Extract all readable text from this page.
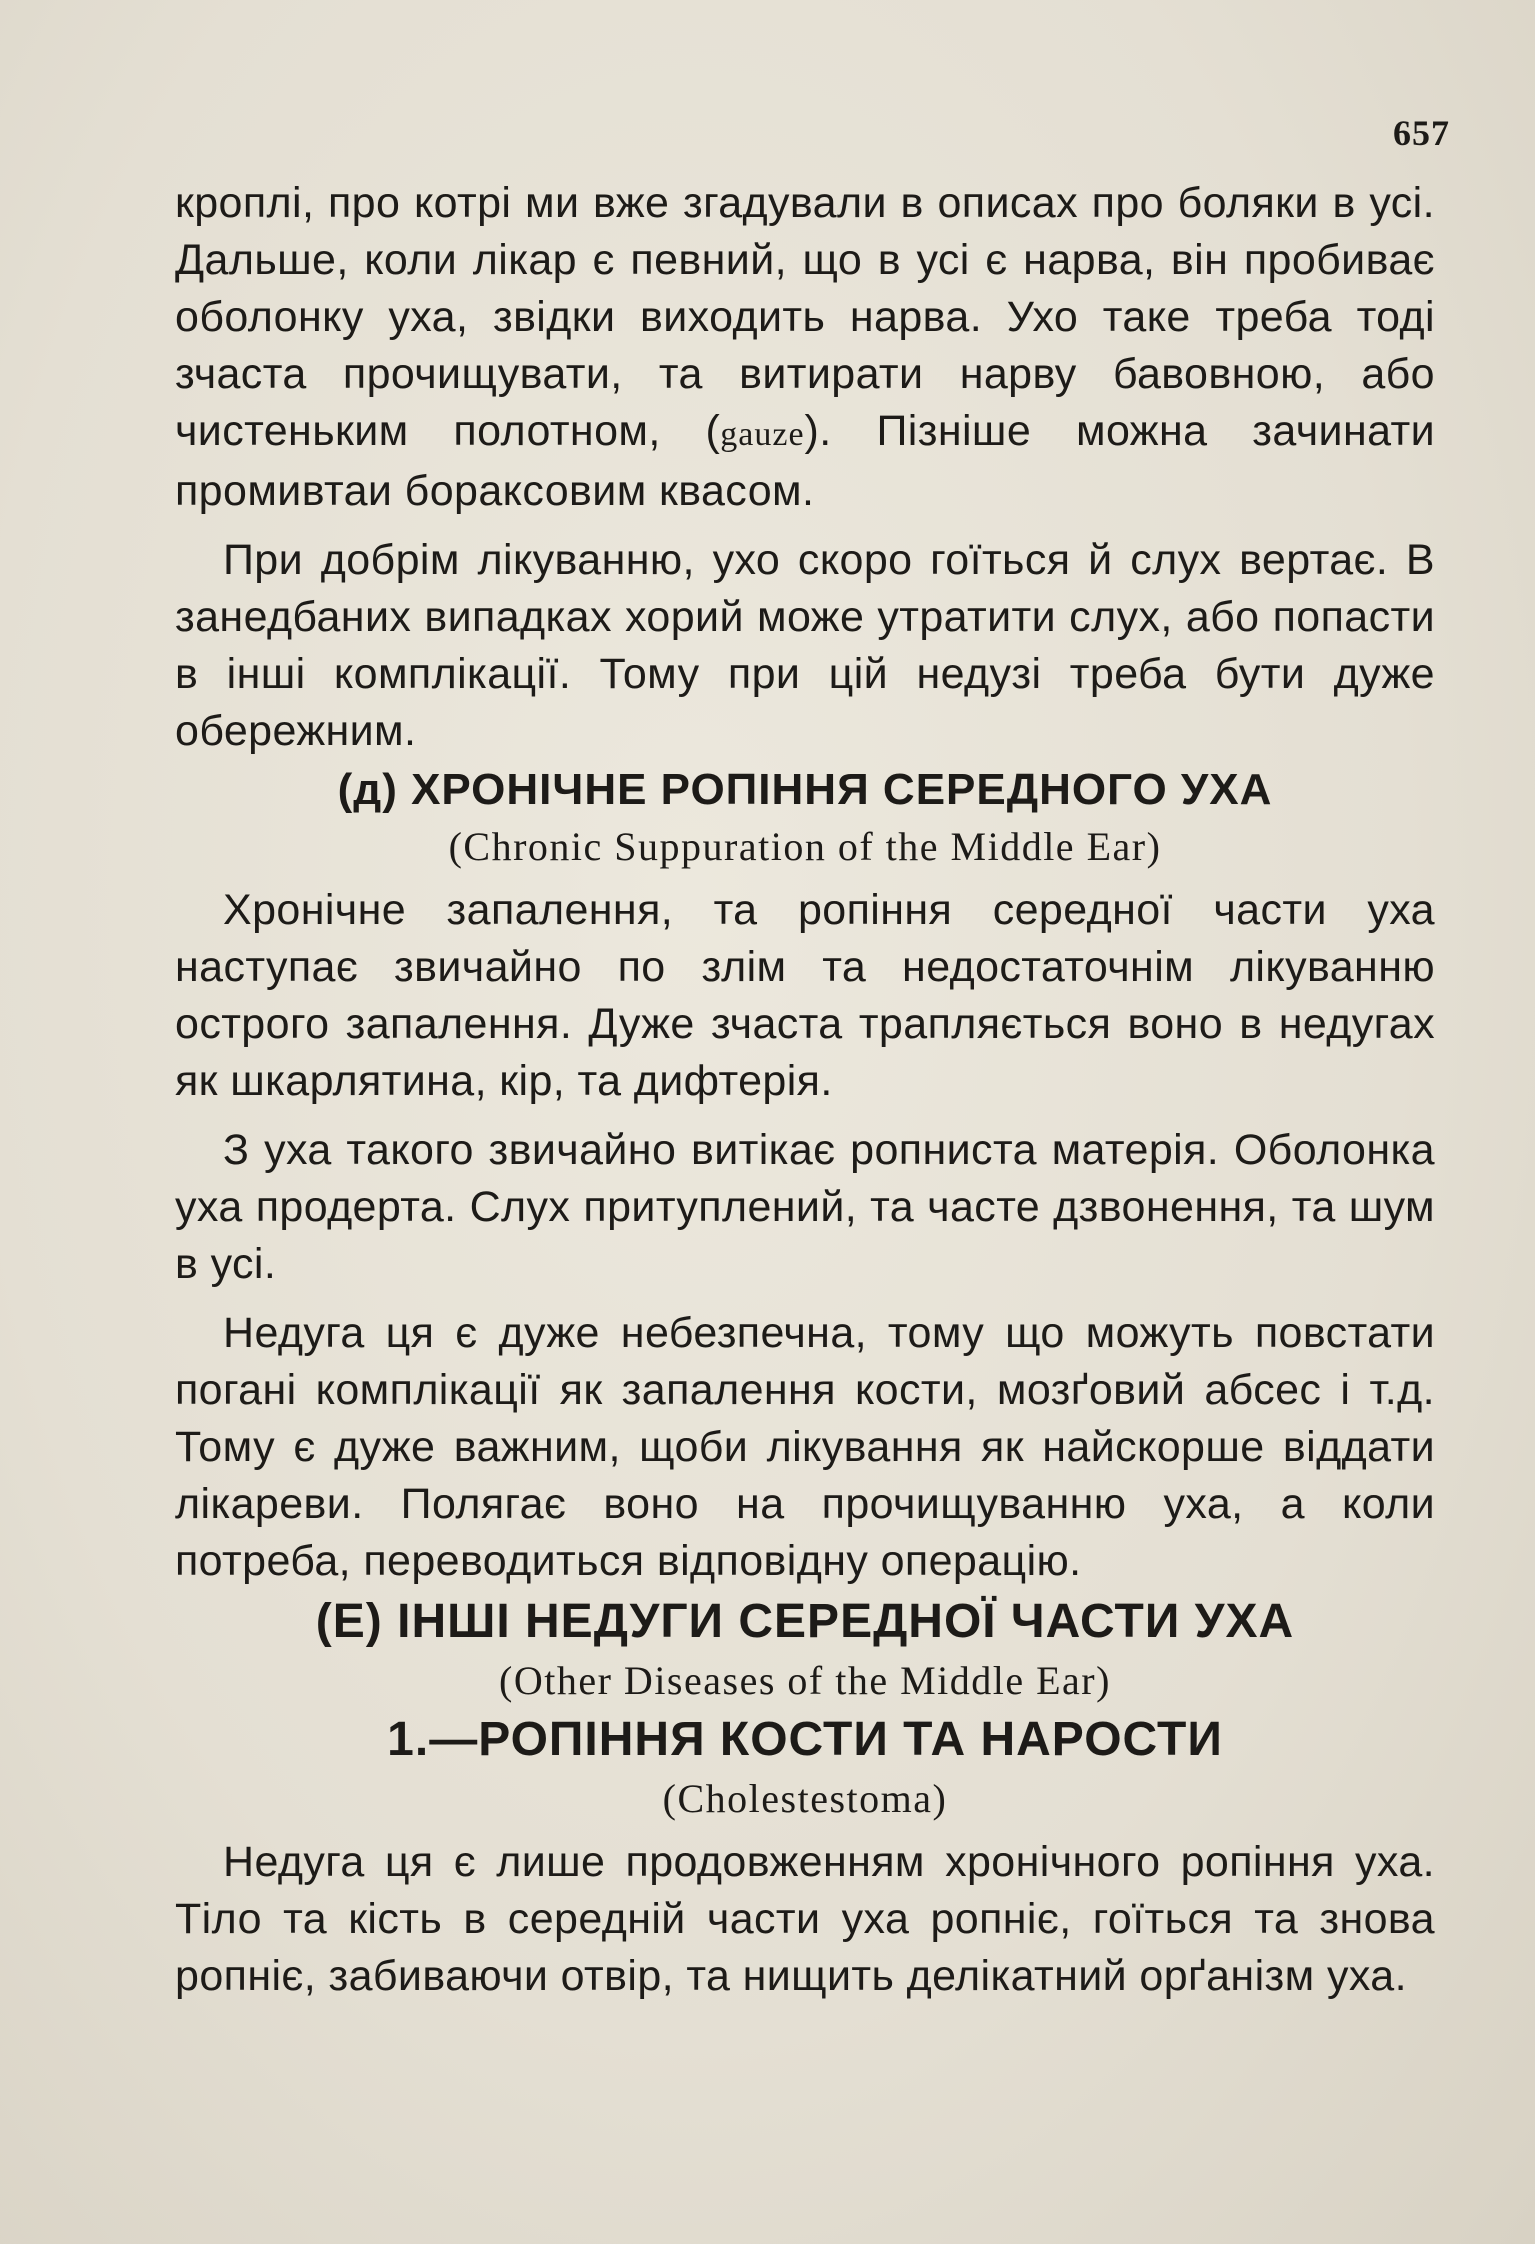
657

кроплі, про котрі ми вже згадували в описах про боляки в усі. Дальше, коли лікар є певний, що в усі є нарва, він пробиває оболонку уха, звідки виходить нарва. Ухо таке треба тоді зчаста прочищувати, та витирати нарву бавовною, або чистеньким полотном, (gauze). Пізніше можна зачинати промивтаи бораксовим квасом.

При добрім лікуванню, ухо скоро гоїться й слух вертає. В занедбаних випадках хорий може утратити слух, або попасти в інші комплікації. Тому при цій недузі треба бути дуже обережним.

(д) ХРОНІЧНЕ РОПІННЯ СЕРЕДНОГО УХА
(Chronic Suppuration of the Middle Ear)

Хронічне запалення, та ропіння середної части уха наступає звичайно по злім та недостаточнім лікуванню острого запалення. Дуже зчаста трапляється воно в недугах як шкарлятина, кір, та дифтерія.

З уха такого звичайно витікає ропниста матерія. Оболонка уха продерта. Слух притуплений, та часте дзвонення, та шум в усі.

Недуга ця є дуже небезпечна, тому що можуть повстати погані комплікації як запалення кости, мозґовий абсес і т.д. Тому є дуже важним, щоби лікування як найскорше віддати лікареви. Полягає воно на прочищуванню уха, а коли потреба, переводиться відповідну операцію.

(Е) ІНШІ НЕДУГИ СЕРЕДНОЇ ЧАСТИ УХА
(Other Diseases of the Middle Ear)
1.—РОПІННЯ КОСТИ ТА НАРОСТИ
(Cholestestoma)

Недуга ця є лише продовженням хронічного ропіння уха. Тіло та кість в середній части уха ропніє, гоїться та знова ропніє, забиваючи отвір, та нищить делікатний орґанізм уха.
